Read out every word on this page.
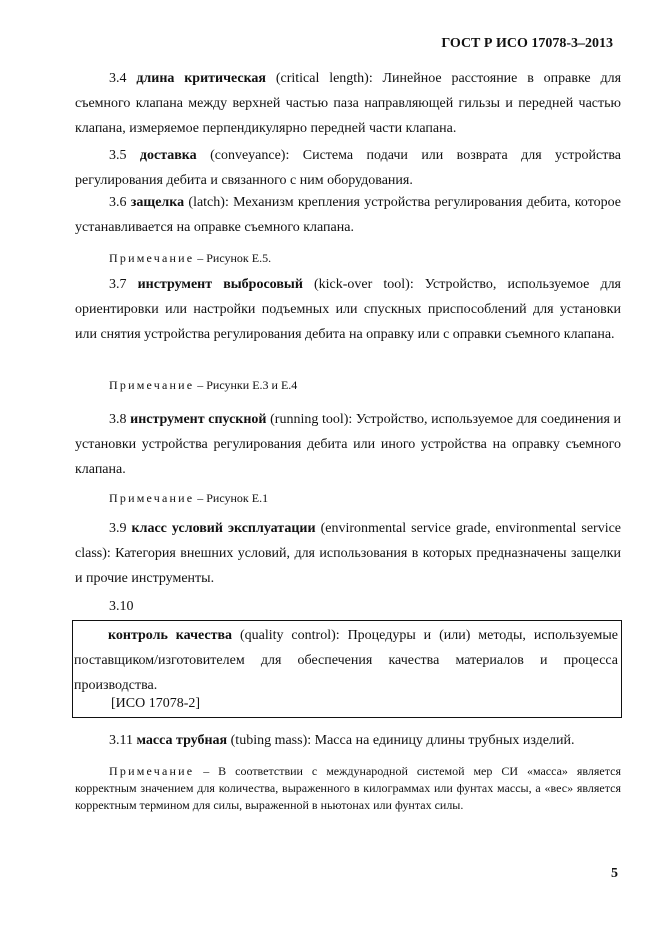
ГОСТ Р ИСО 17078-3–2013

3.4 длина критическая (critical length): Линейное расстояние в оправке для съемного клапана между верхней частью паза направляющей гильзы и передней частью клапана, измеряемое перпендикулярно передней части клапана.

3.5 доставка (conveyance): Система подачи или возврата для устройства регулирования дебита и связанного с ним оборудования.

3.6 защелка (latch): Механизм крепления устройства регулирования дебита, которое устанавливается на оправке съемного клапана.

Примечание – Рисунок Е.5.

3.7 инструмент выбросовый (kick-over tool): Устройство, используемое для ориентировки или настройки подъемных или спускных приспособлений для установки или снятия устройства регулирования дебита на оправку или с оправки съемного клапана.

Примечание – Рисунки Е.3 и Е.4

3.8 инструмент спускной (running tool): Устройство, используемое для соединения и установки устройства регулирования дебита или иного устройства на оправку съемного клапана.

Примечание – Рисунок Е.1

3.9 класс условий эксплуатации (environmental service grade, environmental service class): Категория внешних условий, для использования в которых предназначены защелки и прочие инструменты.

3.10

контроль качества (quality control): Процедуры и (или) методы, используемые поставщиком/изготовителем для обеспечения качества материалов и процесса производства.

[ИСО 17078-2]

3.11 масса трубная (tubing mass): Масса на единицу длины трубных изделий.

Примечание – В соответствии с международной системой мер СИ «масса» является корректным значением для количества, выраженного в килограммах или фунтах массы, а «вес» является корректным термином для силы, выраженной в ньютонах или фунтах силы.

5
